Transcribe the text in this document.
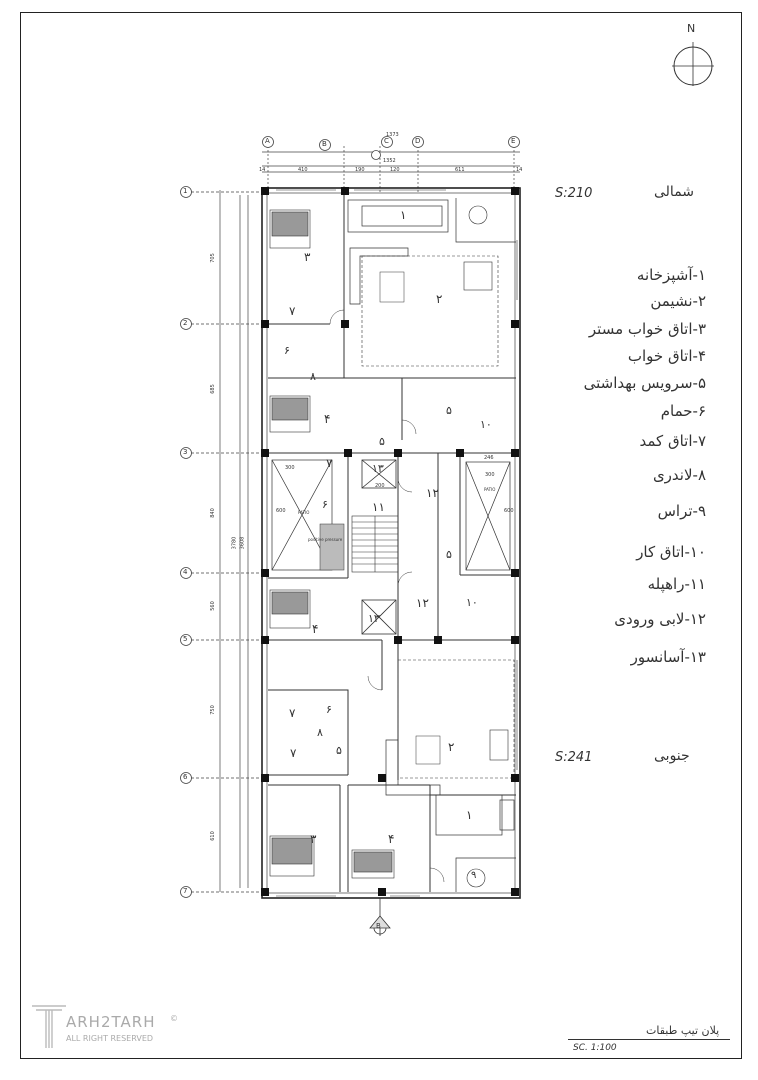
N
S:210	شمالی
S:241	جنوبی
۱-آشپزخانه
۲-نشیمن
۳-اتاق خواب مستر
۴-اتاق خواب
۵-سرویس بهداشتی
۶-حمام
۷-اتاق کمد
۸-لاندری
۹-تراس
۱۰-اتاق کار
۱۱-راهپله
۱۲-لابی ورودی
۱۳-آسانسور
A	B	C	D	E
1
2
3
4
5
6
7
1373
1352
14	410	190	120	611	14
705
685
840
560
750
610
3780 3608
PATIO
PATIO
300
246
300
600	600
200
positive pressure
۱
۲
۳
۷
۶
۸
۴
۵
۱۰
۵
۷	۱۳
۶	۱۱
۱۲
۵
۱۲	۱۰
۱۳
۴
۷	۶
۸
۲
۵
۷
۱
۳	۴
۹
B
پلان تیپ طبقات
SC. 1:100
ARH2TARH
ALL RIGHT RESERVED
©
